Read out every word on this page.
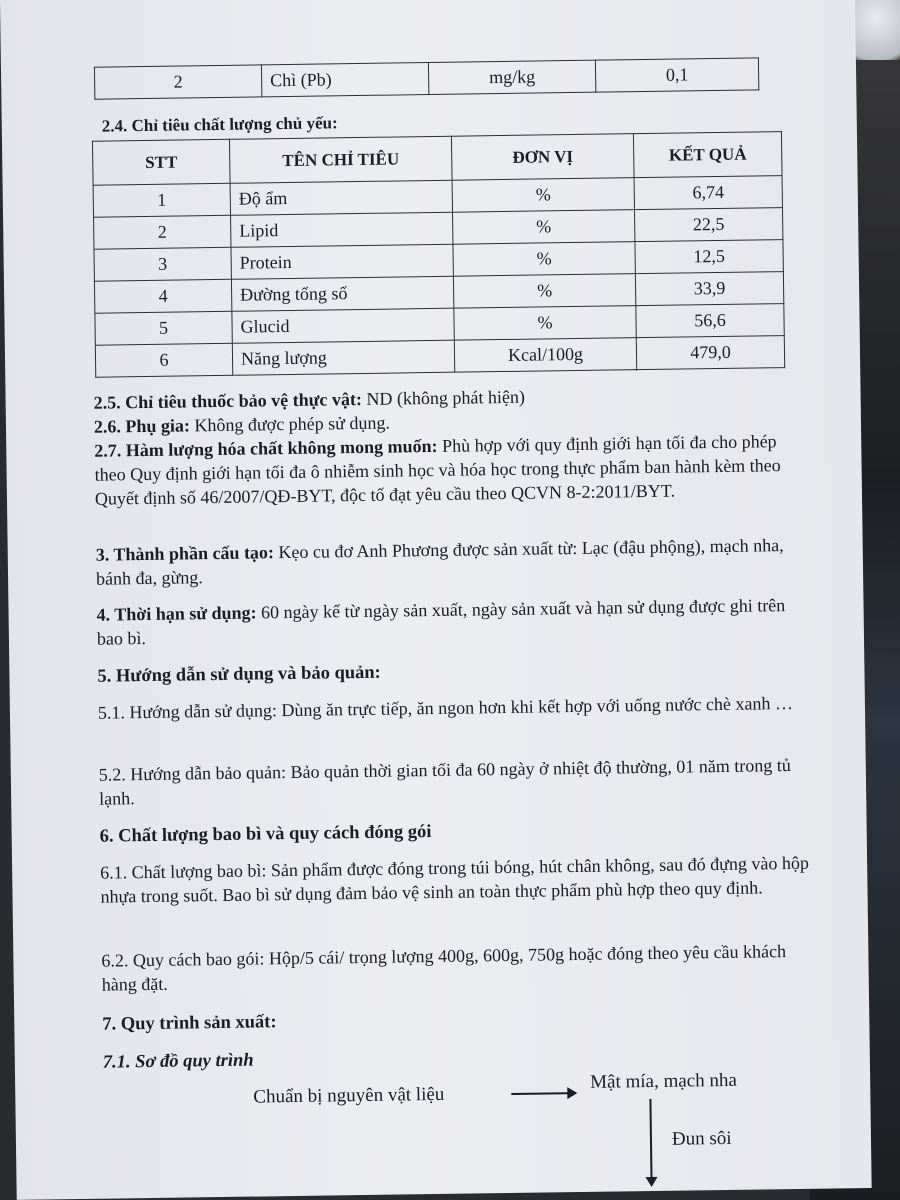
2	Chì (Pb)	mg/kg	0,1
2.4. Chỉ tiêu chất lượng chủ yếu:
STT	TÊN CHỈ TIÊU	ĐƠN VỊ	KẾT QUẢ
1	Độ ẩm	%	6,74
2	Lipid	%	22,5
3	Protein	%	12,5
4	Đường tổng số	%	33,9
5	Glucid	%	56,6
6	Năng lượng	Kcal/100g	479,0
2.5. Chỉ tiêu thuốc bảo vệ thực vật: ND (không phát hiện)
2.6. Phụ gia: Không được phép sử dụng.
2.7. Hàm lượng hóa chất không mong muốn: Phù hợp với quy định giới hạn tối đa cho phép theo Quy định giới hạn tối đa ô nhiễm sinh học và hóa học trong thực phẩm ban hành kèm theo Quyết định số 46/2007/QĐ-BYT, độc tố đạt yêu cầu theo QCVN 8-2:2011/BYT.
3. Thành phần cấu tạo: Kẹo cu đơ Anh Phương được sản xuất từ: Lạc (đậu phộng), mạch nha, bánh đa, gừng.
4. Thời hạn sử dụng: 60 ngày kể từ ngày sản xuất, ngày sản xuất và hạn sử dụng được ghi trên bao bì.
5. Hướng dẫn sử dụng và bảo quản:
5.1. Hướng dẫn sử dụng: Dùng ăn trực tiếp, ăn ngon hơn khi kết hợp với uống nước chè xanh …
5.2. Hướng dẫn bảo quản: Bảo quản thời gian tối đa 60 ngày ở nhiệt độ thường, 01 năm trong tủ lạnh.
6. Chất lượng bao bì và quy cách đóng gói
6.1. Chất lượng bao bì: Sản phẩm được đóng trong túi bóng, hút chân không, sau đó đựng vào hộp nhựa trong suốt. Bao bì sử dụng đảm bảo vệ sinh an toàn thực phẩm phù hợp theo quy định.
6.2. Quy cách bao gói: Hộp/5 cái/ trọng lượng 400g, 600g, 750g hoặc đóng theo yêu cầu khách hàng đặt.
7. Quy trình sản xuất:
7.1. Sơ đồ quy trình
Chuẩn bị nguyên vật liệu
Mật mía, mạch nha
Đun sôi
